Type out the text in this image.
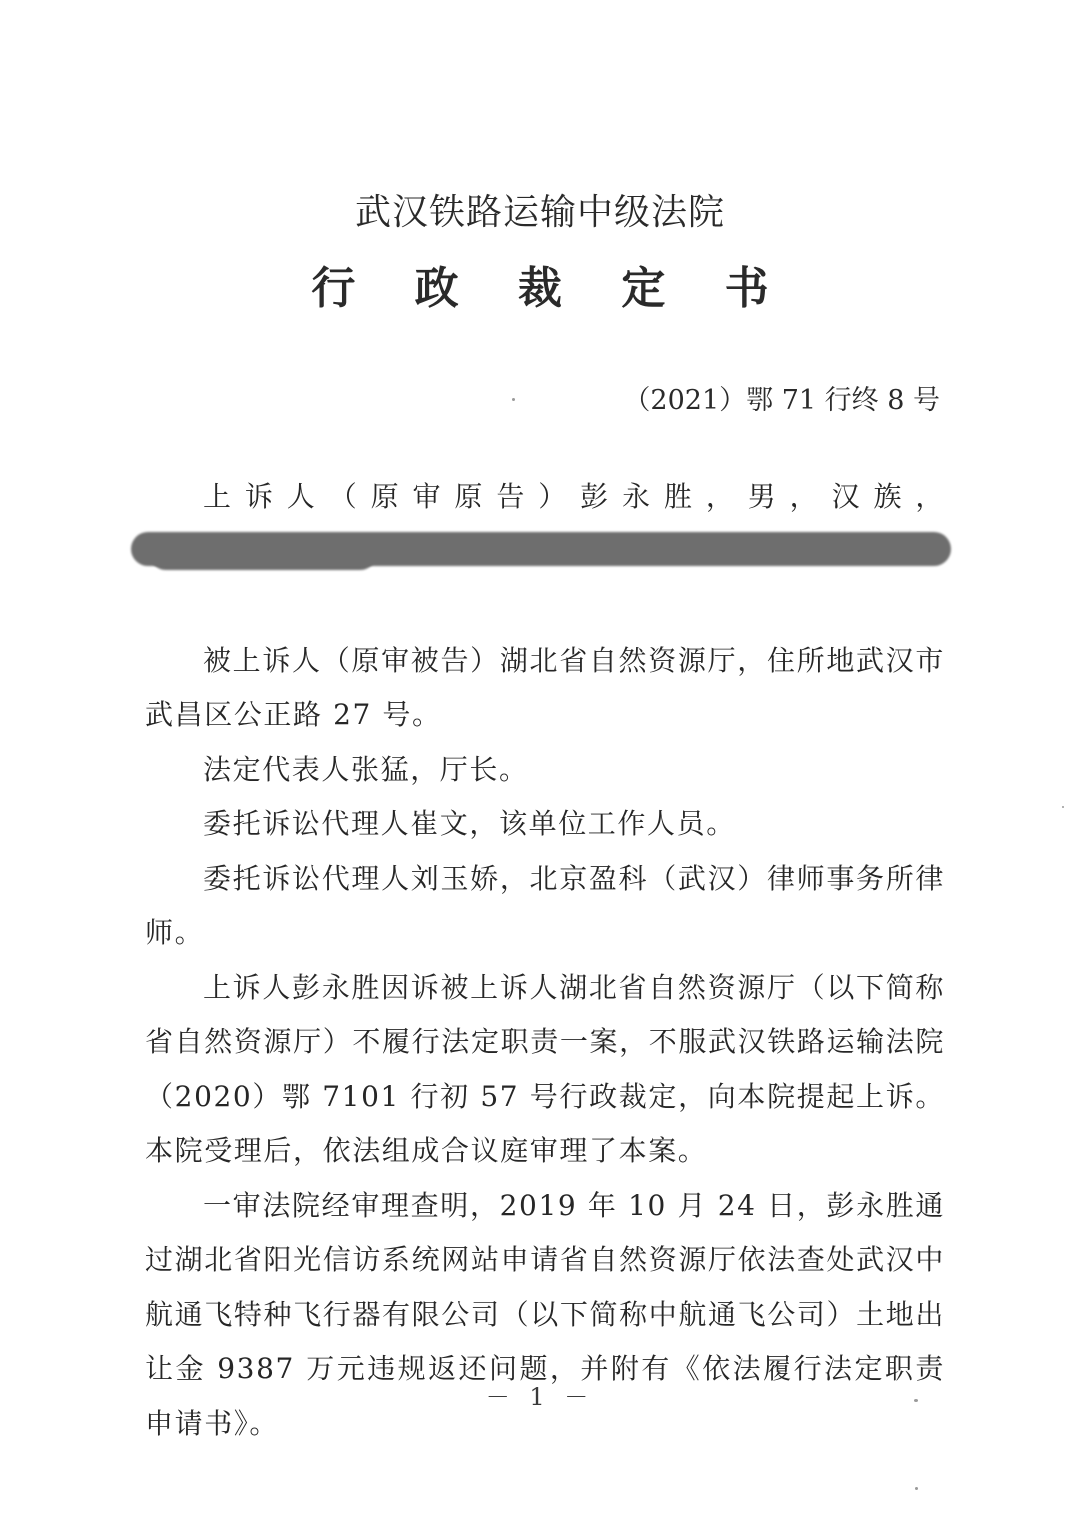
武汉铁路运输中级法院
行 政 裁 定 书
（2021）鄂 71 行终 8 号

上诉人（原审原告）彭永胜，男，汉族，

被上诉人（原审被告）湖北省自然资源厅，住所地武汉市武昌区公正路 27 号。

法定代表人张猛，厅长。

委托诉讼代理人崔文，该单位工作人员。

委托诉讼代理人刘玉娇，北京盈科（武汉）律师事务所律师。

上诉人彭永胜因诉被上诉人湖北省自然资源厅（以下简称省自然资源厅）不履行法定职责一案，不服武汉铁路运输法院（2020）鄂 7101 行初 57 号行政裁定，向本院提起上诉。本院受理后，依法组成合议庭审理了本案。

一审法院经审理查明，2019 年 10 月 24 日，彭永胜通过湖北省阳光信访系统网站申请省自然资源厅依法查处武汉中航通飞特种飞行器有限公司（以下简称中航通飞公司）土地出让金 9387 万元违规返还问题，并附有《依法履行法定职责申请书》。

－ 1 －
